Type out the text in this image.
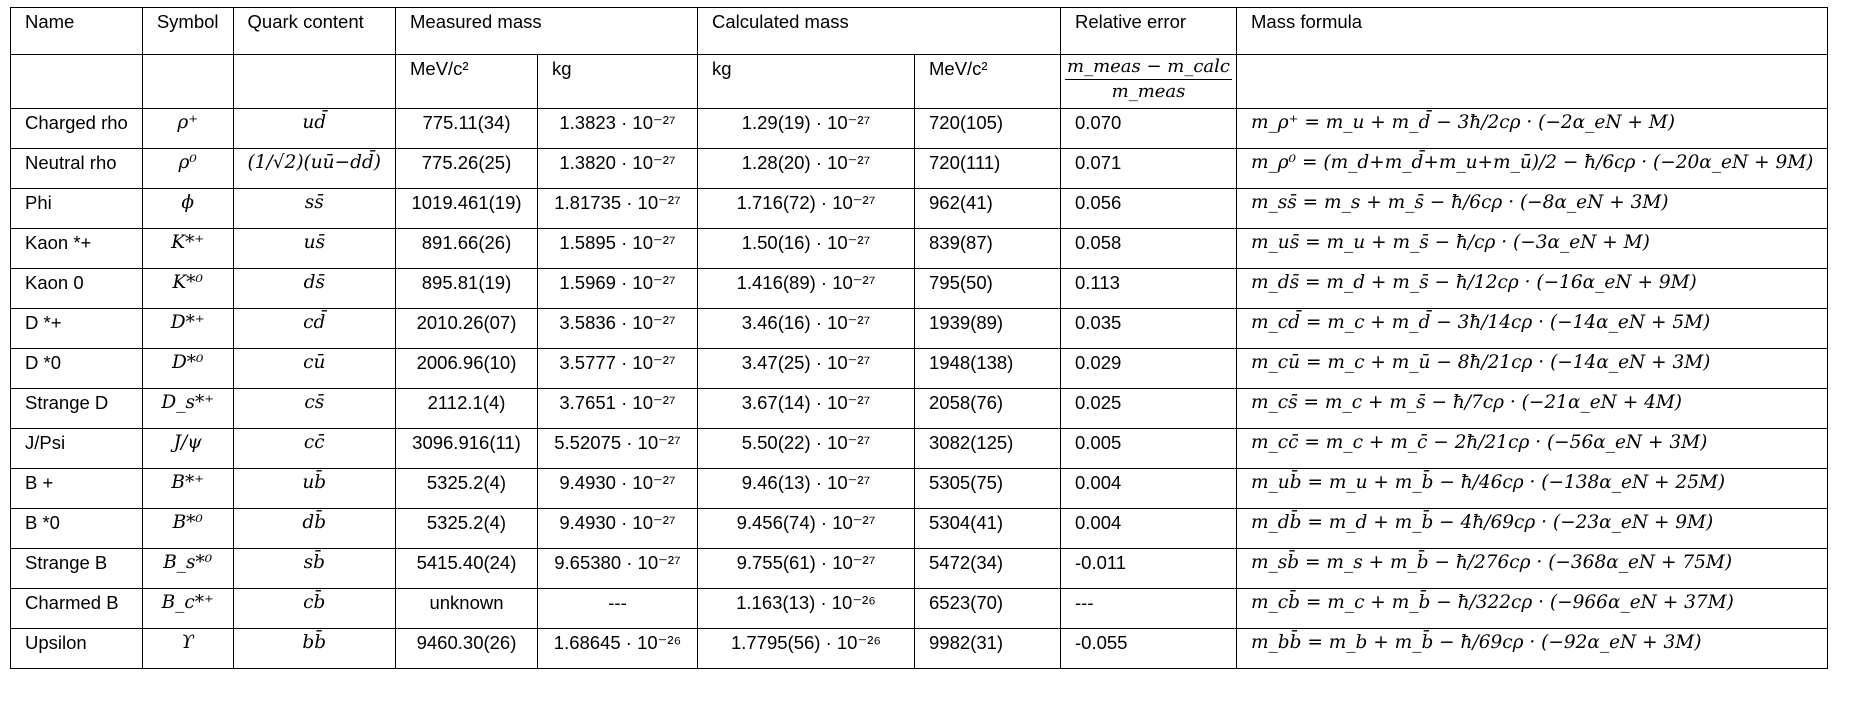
Name	Symbol	Quark content	Measured mass		Calculated mass		Relative error	Mass formula
			MeV/c²	kg	kg	MeV/c²	$\frac{\text{m\_meas − m\_calc}}{\text{m\_meas}}$

Charged rho	ρ⁺	ud̄	775.11(34)	1.3823 · 10⁻²⁷	1.29(19) · 10⁻²⁷	720(105)	0.070	m_ρ⁺ = m_u + m_d̄ − 3ħ/2cρ · (−2α_eN + M)
Neutral rho	ρ⁰	(1/√2)(uū−dd̄)	775.26(25)	1.3820 · 10⁻²⁷	1.28(20) · 10⁻²⁷	720(111)	0.071	m_ρ⁰ = (m_d+m_d̄+m_u+m_ū)/2 − ħ/6cρ · (−20α_eN + 9M)
Phi	ϕ	ss̄	1019.461(19)	1.81735 · 10⁻²⁷	1.716(72) · 10⁻²⁷	962(41)	0.056	m_ss̄ = m_s + m_s̄ − ħ/6cρ · (−8α_eN + 3M)
Kaon *+	K*⁺	us̄	891.66(26)	1.5895 · 10⁻²⁷	1.50(16) · 10⁻²⁷	839(87)	0.058	m_us̄ = m_u + m_s̄ − ħ/cρ · (−3α_eN + M)
Kaon 0	K*⁰	ds̄	895.81(19)	1.5969 · 10⁻²⁷	1.416(89) · 10⁻²⁷	795(50)	0.113	m_ds̄ = m_d + m_s̄ − ħ/12cρ · (−16α_eN + 9M)
D *+	D*⁺	cd̄	2010.26(07)	3.5836 · 10⁻²⁷	3.46(16) · 10⁻²⁷	1939(89)	0.035	m_cd̄ = m_c + m_d̄ − 3ħ/14cρ · (−14α_eN + 5M)
D *0	D*⁰	cū	2006.96(10)	3.5777 · 10⁻²⁷	3.47(25) · 10⁻²⁷	1948(138)	0.029	m_cū = m_c + m_ū − 8ħ/21cρ · (−14α_eN + 3M)
Strange D	D_s*⁺	cs̄	2112.1(4)	3.7651 · 10⁻²⁷	3.67(14) · 10⁻²⁷	2058(76)	0.025	m_cs̄ = m_c + m_s̄ − ħ/7cρ · (−21α_eN + 4M)
J/Psi	J/ψ	cc̄	3096.916(11)	5.52075 · 10⁻²⁷	5.50(22) · 10⁻²⁷	3082(125)	0.005	m_cc̄ = m_c + m_c̄ − 2ħ/21cρ · (−56α_eN + 3M)
B +	B*⁺	ub̄	5325.2(4)	9.4930 · 10⁻²⁷	9.46(13) · 10⁻²⁷	5305(75)	0.004	m_ub̄ = m_u + m_b̄ − ħ/46cρ · (−138α_eN + 25M)
B *0	B*⁰	db̄	5325.2(4)	9.4930 · 10⁻²⁷	9.456(74) · 10⁻²⁷	5304(41)	0.004	m_db̄ = m_d + m_b̄ − 4ħ/69cρ · (−23α_eN + 9M)
Strange B	B_s*⁰	sb̄	5415.40(24)	9.65380 · 10⁻²⁷	9.755(61) · 10⁻²⁷	5472(34)	-0.011	m_sb̄ = m_s + m_b̄ − ħ/276cρ · (−368α_eN + 75M)
Charmed B	B_c*⁺	cb̄	unknown	---	1.163(13) · 10⁻²⁶	6523(70)	---	m_cb̄ = m_c + m_b̄ − ħ/322cρ · (−966α_eN + 37M)
Upsilon	ϒ	bb̄	9460.30(26)	1.68645 · 10⁻²⁶	1.7795(56) · 10⁻²⁶	9982(31)	-0.055	m_bb̄ = m_b + m_b̄ − ħ/69cρ · (−92α_eN + 3M)
